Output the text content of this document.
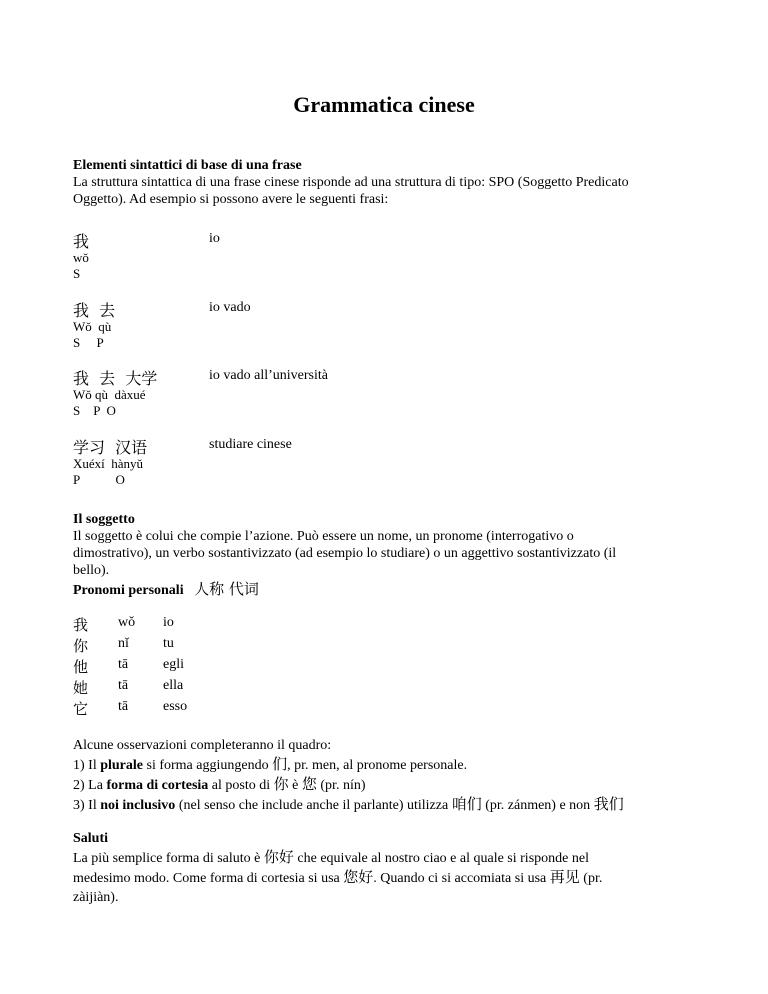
Grammatica cinese

Elementi sintattici di base di una frase

La struttura sintattica di una frase cinese risponde ad una struttura di tipo: SPO (Soggetto Predicato

Oggetto). Ad esempio si possono avere le seguenti frasi:

我
wǒ
S
io
我  去
Wǒ  qù
S     P
io vado
我  去  大学
Wǒ qù  dàxué
S    P  O
io vado all’università
学习  汉语
Xuéxí  hànyǔ
P           O
studiare cinese

Il soggetto

Il soggetto è colui che compie l’azione. Può essere un nome, un pronome (interrogativo o

dimostrativo), un verbo sostantivizzato (ad esempio lo studiare) o un aggettivo sostantivizzato (il

bello).

Pronomi personali 人称 代词

我 wǒ io
你 nǐ tu
他 tā egli
她 tā ella
它 tā esso

Alcune osservazioni completeranno il quadro:

1) Il plurale si forma aggiungendo 们, pr. men, al pronome personale.

2) La forma di cortesia al posto di 你 è 您 (pr. nín)

3) Il noi inclusivo (nel senso che include anche il parlante) utilizza 咱们 (pr. zánmen) e non 我们

Saluti

La più semplice forma di saluto è 你好 che equivale al nostro ciao e al quale si risponde nel

medesimo modo. Come forma di cortesia si usa 您好. Quando ci si accomiata si usa 再见 (pr.

zàijiàn).
